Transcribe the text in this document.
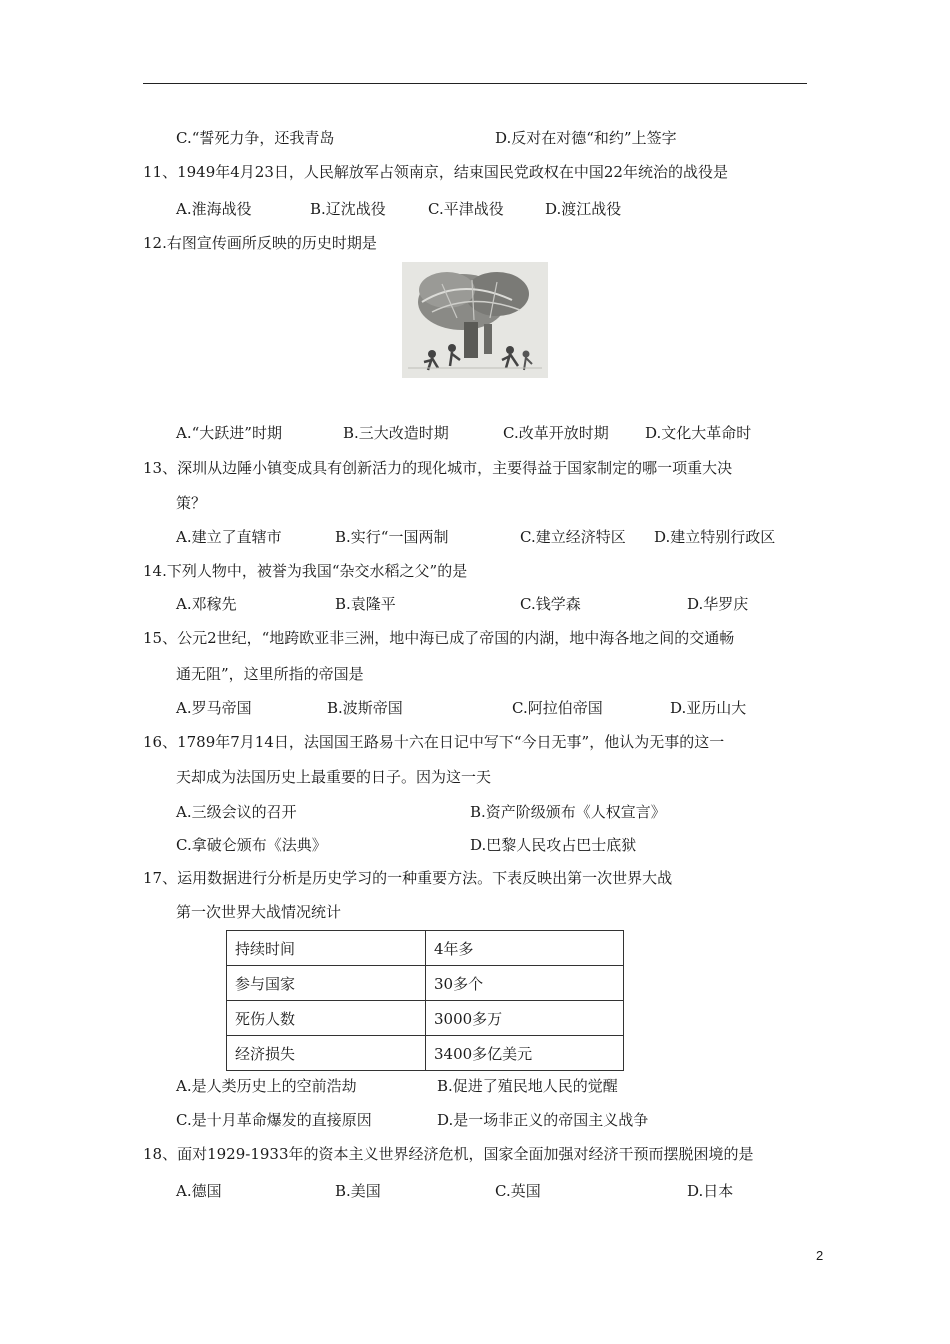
C.“誓死力争，还我青岛	D.反对在对德“和约”上签字
11、1949年4月23日，人民解放军占领南京，结束国民党政权在中国22年统治的战役是
A.淮海战役	B.辽沈战役	C.平津战役	D.渡江战役
12.右图宣传画所反映的历史时期是
A.“大跃进”时期	B.三大改造时期	C.改革开放时期 D.文化大革命时
13、深圳从边陲小镇变成具有创新活力的现化城市，主要得益于国家制定的哪一项重大决
策？
A.建立了直辖市	B.实行“一国两制	C.建立经济特区 D.建立特别行政区
14.下列人物中，被誉为我国“杂交水稻之父”的是
A.邓稼先	B.袁隆平	C.钱学森	D.华罗庆
15、公元2世纪，“地跨欧亚非三洲，地中海已成了帝国的内湖，地中海各地之间的交通畅
通无阻”，这里所指的帝国是
A.罗马帝国	B.波斯帝国	C.阿拉伯帝国	D.亚历山大
16、1789年7月14日，法国国王路易十六在日记中写下“今日无事”，他认为无事的这一
天却成为法国历史上最重要的日子。因为这一天
A.三级会议的召开	B.资产阶级颁布《人权宣言》
C.拿破仑颁布《法典》	D.巴黎人民攻占巴士底狱
17、运用数据进行分析是历史学习的一种重要方法。下表反映出第一次世界大战
第一次世界大战情况统计
持续时间	4年多
参与国家	30多个
死伤人数	3000多万
经济损失	3400多亿美元
A.是人类历史上的空前浩劫	B.促进了殖民地人民的觉醒
C.是十月革命爆发的直接原因	D.是一场非正义的帝国主义战争
18、面对1929-1933年的资本主义世界经济危机，国家全面加强对经济干预而摆脱困境的是
A.德国	B.美国	C.英国	D.日本
2
